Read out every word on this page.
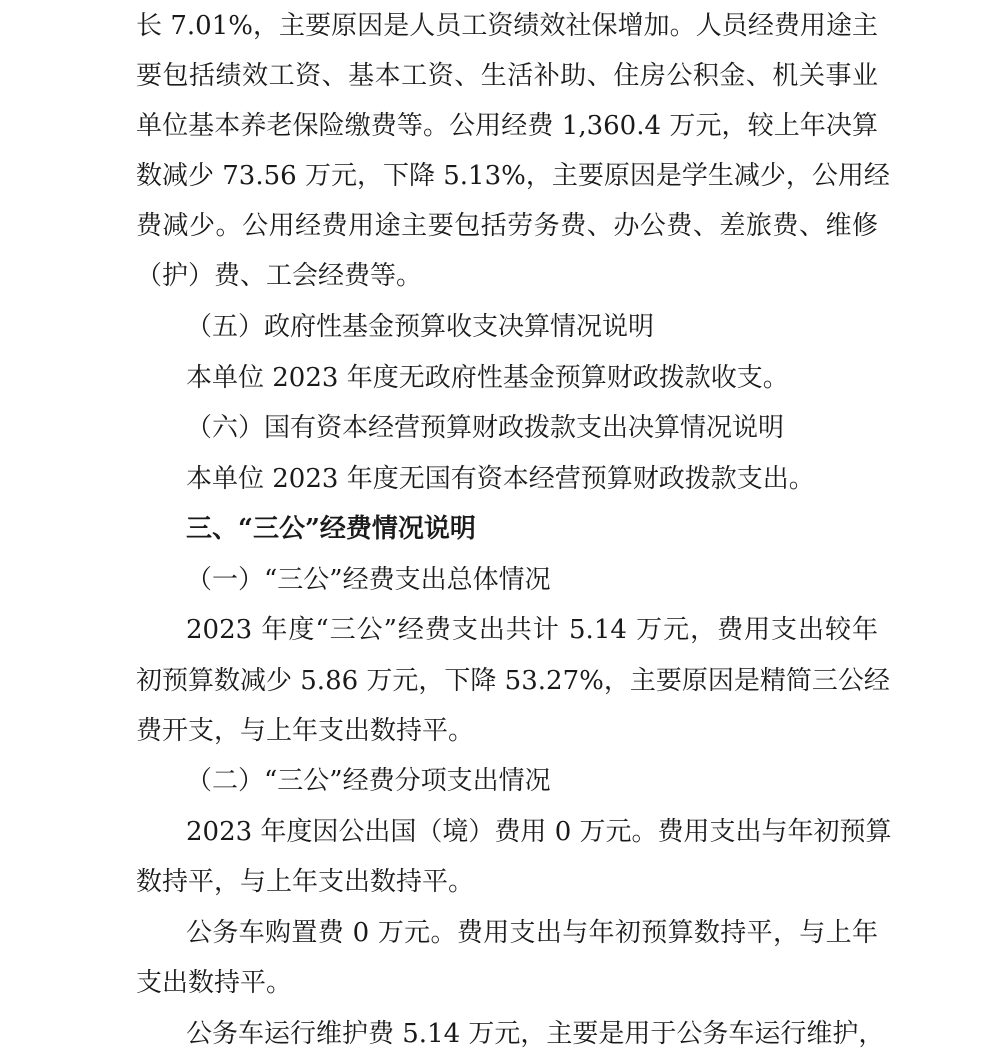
长 7.01%，主要原因是人员工资绩效社保增加。人员经费用途主
要包括绩效工资、基本工资、生活补助、住房公积金、机关事业
单位基本养老保险缴费等。公用经费 1,360.4 万元，较上年决算
数减少 73.56 万元，下降 5.13%，主要原因是学生减少，公用经
费减少。公用经费用途主要包括劳务费、办公费、差旅费、维修
（护）费、工会经费等。
（五）政府性基金预算收支决算情况说明
本单位 2023 年度无政府性基金预算财政拨款收支。
（六）国有资本经营预算财政拨款支出决算情况说明
本单位 2023 年度无国有资本经营预算财政拨款支出。
三、“三公”经费情况说明
（一）“三公”经费支出总体情况
2023 年度“三公”经费支出共计 5.14 万元，费用支出较年
初预算数减少 5.86 万元，下降 53.27%，主要原因是精简三公经
费开支，与上年支出数持平。
（二）“三公”经费分项支出情况
2023 年度因公出国（境）费用 0 万元。费用支出与年初预算
数持平，与上年支出数持平。
公务车购置费 0 万元。费用支出与年初预算数持平，与上年
支出数持平。
公务车运行维护费 5.14 万元，主要是用于公务车运行维护，
